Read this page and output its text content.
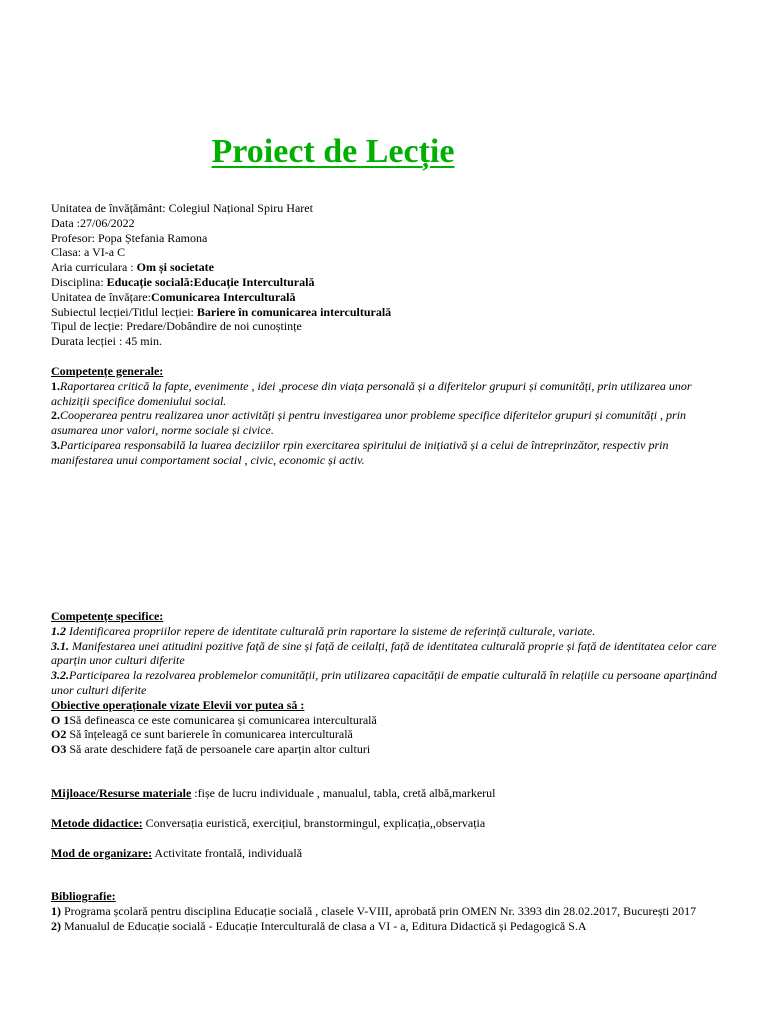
Proiect de Lecție
Unitatea de învățământ: Colegiul Național Spiru Haret
Data :27/06/2022
Profesor: Popa Ștefania Ramona
Clasa: a VI-a C
Aria curriculara : Om și societate
Disciplina: Educație socială:Educație Interculturală
Unitatea de învățare:Comunicarea Interculturală
Subiectul lecției/Titlul lecției: Bariere în comunicarea interculturală
Tipul de lecție: Predare/Dobândire de noi cunoștințe
Durata lecției : 45 min.
Competențe generale:
1.Raportarea critică la fapte, evenimente , idei ,procese din viața personală și a diferitelor grupuri și comunități, prin utilizarea unor achiziții specifice domeniului social.
2.Cooperarea pentru realizarea unor activități și pentru investigarea unor probleme specifice diferitelor grupuri și comunități , prin asumarea unor valori, norme sociale și civice.
3.Participarea responsabilă la luarea deciziilor rpin exercitarea spiritului de inițiativă și a celui de întreprinzător, respectiv prin manifestarea unui comportament social , civic, economic și activ.
Competențe specifice:
1.2 Identificarea propriilor repere de identitate culturală prin raportare la sisteme de referință culturale, variate.
3.1. Manifestarea unei atitudini pozitive față de sine și față de ceilalți, față de identitatea culturală proprie și față de identitatea celor care aparțin unor culturi diferite
3.2.Participarea la rezolvarea problemelor comunității, prin utilizarea capacității de empatie culturală în relațiile cu persoane aparținând unor culturi diferite
Obiective operaționale vizate Elevii vor putea să :
O 1Să defineasca ce este comunicarea și comunicarea interculturală
O2 Să înțeleagă ce sunt barierele în comunicarea interculturală
O3 Să arate deschidere față de persoanele care aparțin altor culturi
Mijloace/Resurse materiale :fișe de lucru individuale , manualul, tabla, cretă albă,markerul
Metode didactice: Conversația euristică, exercițiul, branstormingul, explicația,,observația
Mod de organizare: Activitate frontală, individuală
Bibliografie:
1) Programa școlară pentru disciplina Educație socială , clasele V-VIII, aprobată prin OMEN Nr. 3393 din 28.02.2017, București 2017
2) Manualul de Educație socială - Educație Interculturală de clasa a VI - a, Editura Didactică și Pedagogică S.A
